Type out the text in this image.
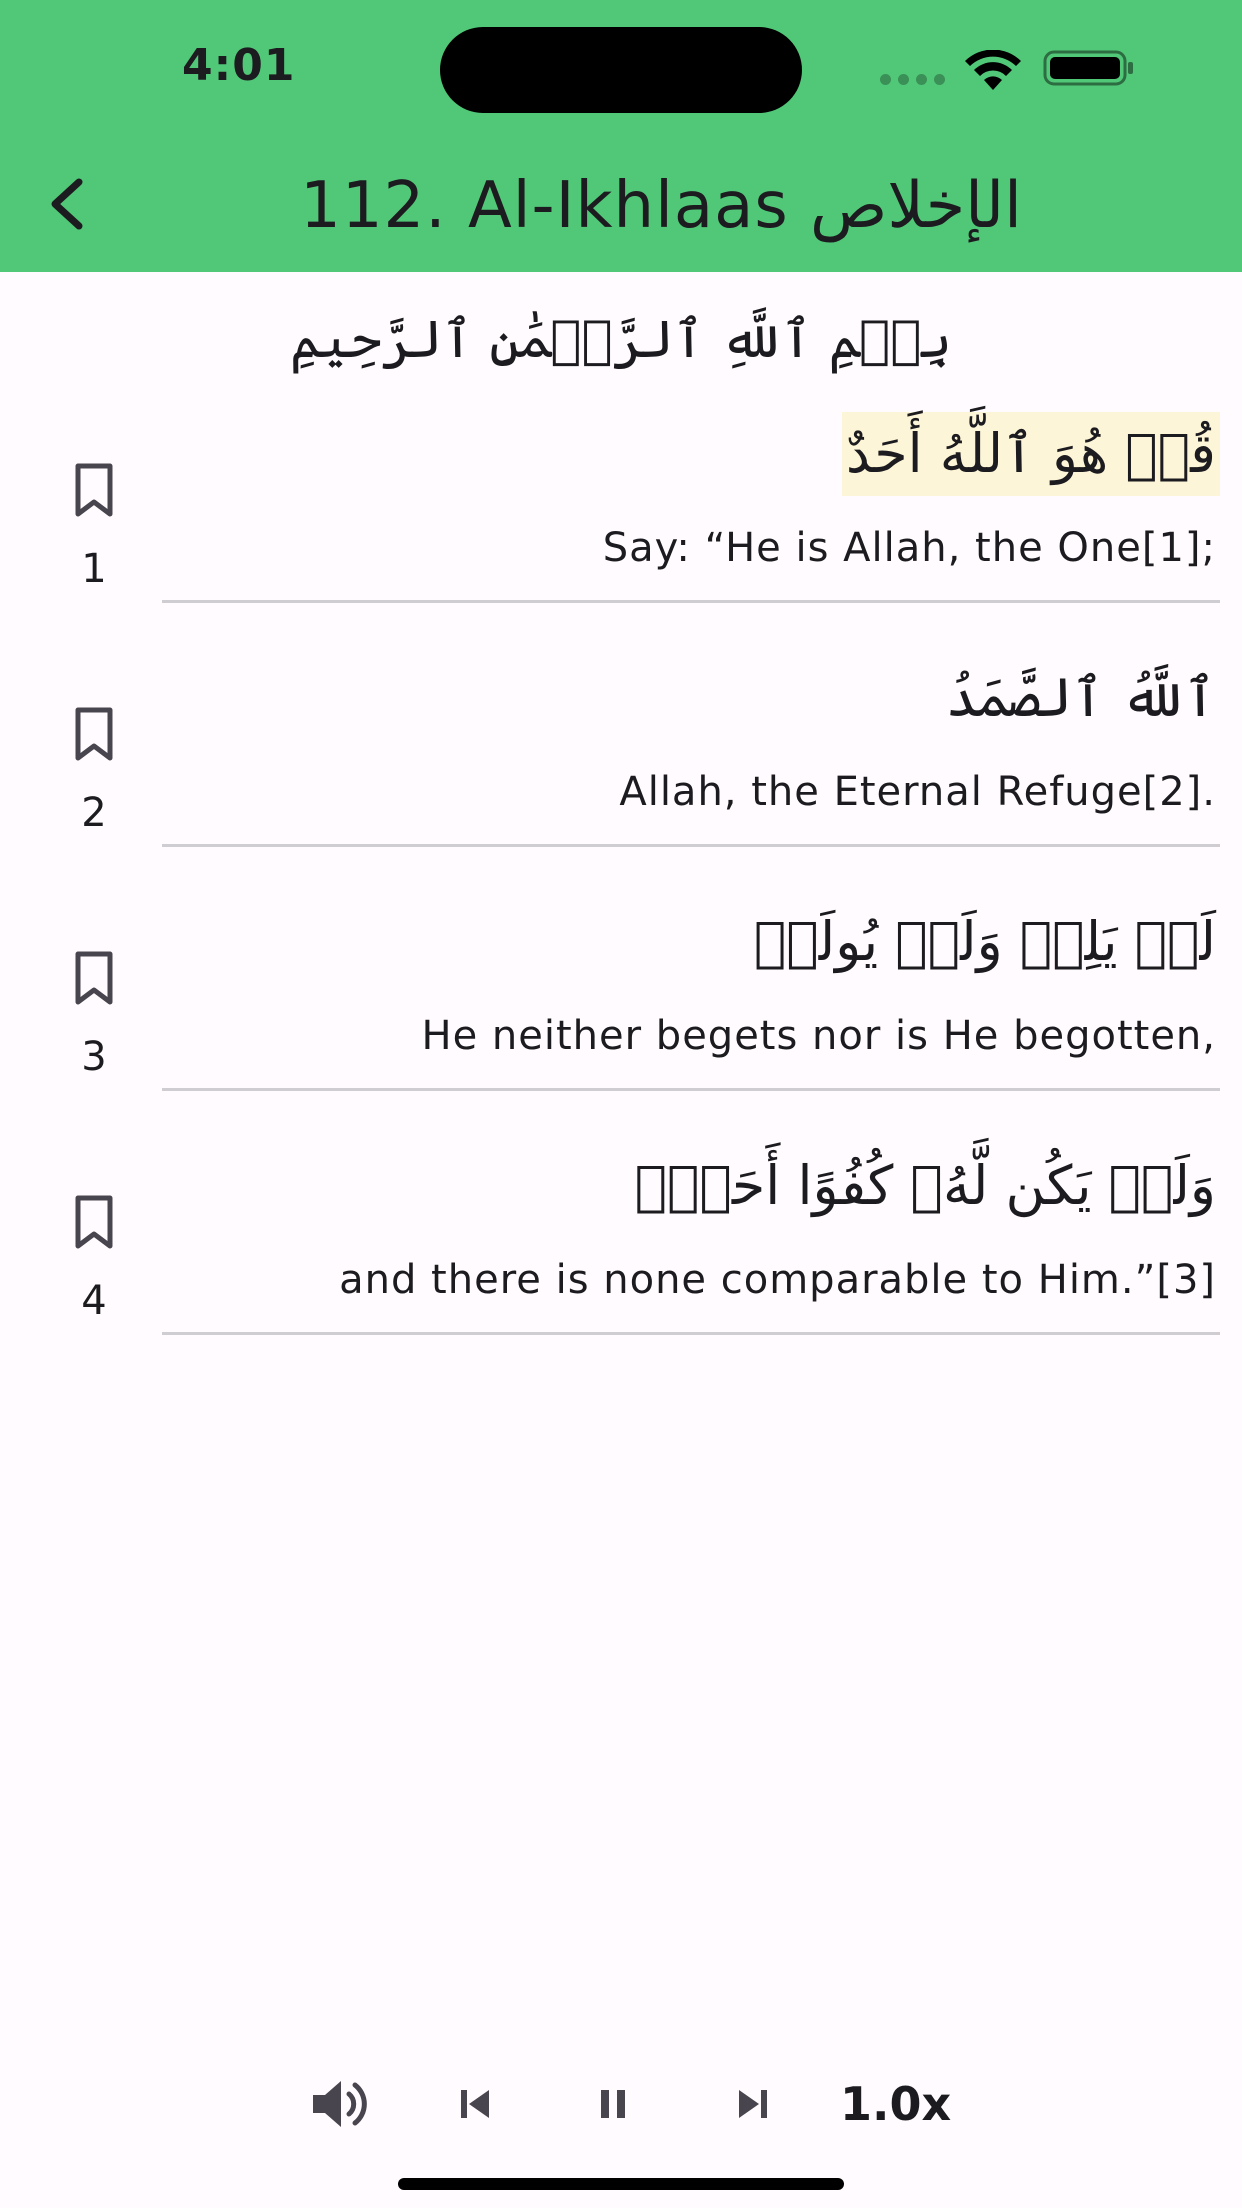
4:01
112. Al-Ikhlaas الإخلاص
بِسۡمِ ٱللَّهِ ٱلرَّحۡمَٰنِ ٱلرَّحِيمِ
1
قُلۡ هُوَ ٱللَّهُ أَحَدٌ
Say: “He is Allah, the One[1];
2
ٱللَّهُ ٱلصَّمَدُ
Allah, the Eternal Refuge[2].
3
لَمۡ يَلِدۡ وَلَمۡ يُولَدۡ
He neither begets nor is He begotten,
4
وَلَمۡ يَكُن لَّهُۥ كُفُوًا أَحَدُۢ
and there is none comparable to Him.”[3]
1.0x
